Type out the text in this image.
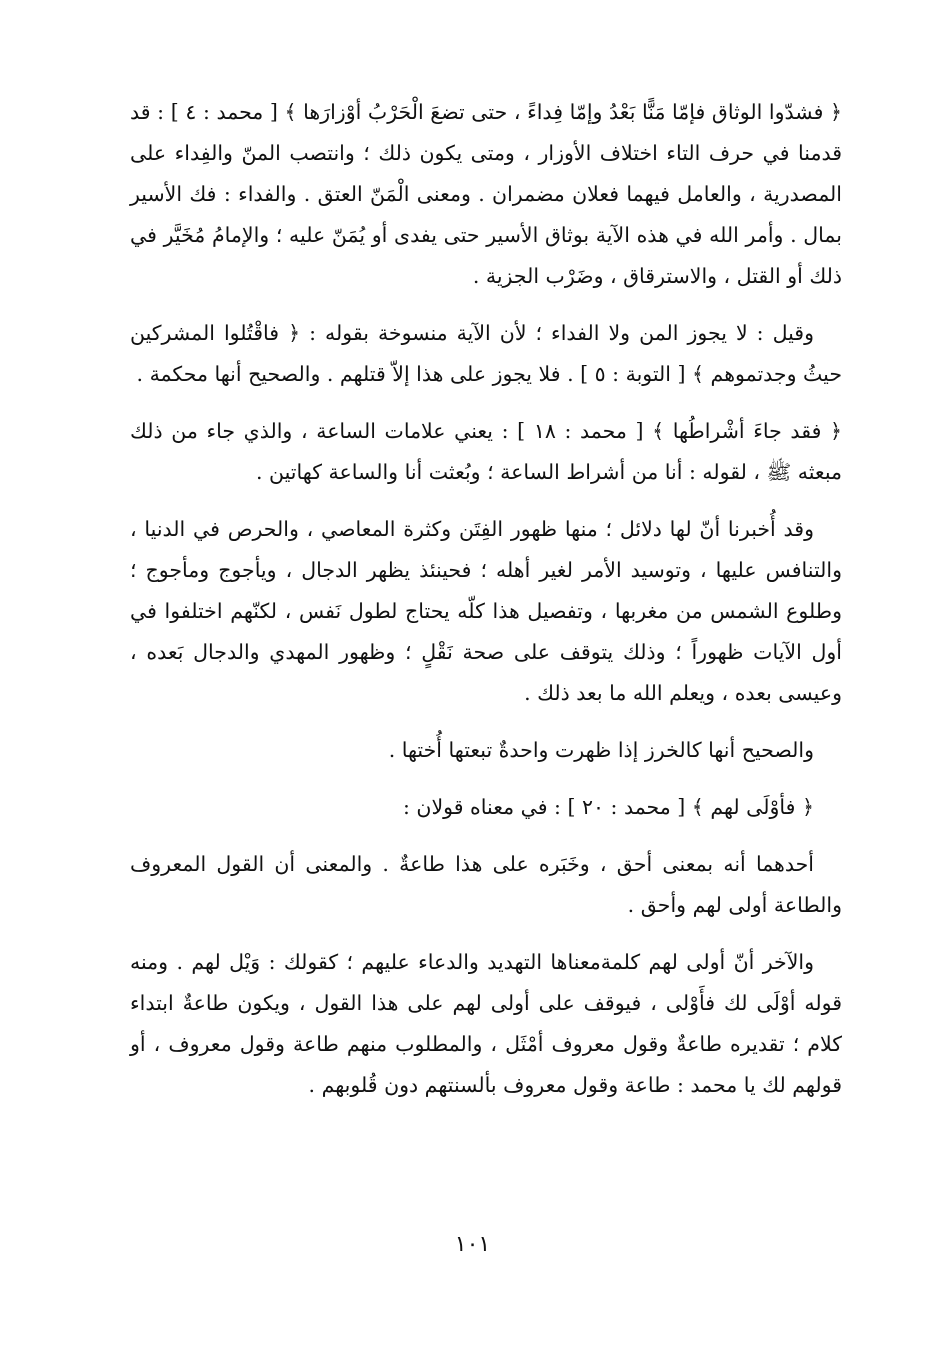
﴿ فشدّوا الوثاق فإمّا مَنًّا بَعْدُ وإمّا فِداءً ، حتى تضعَ الْحَرْبُ أوْزارَها ﴾ [ محمد : ٤ ] : قد قدمنا في حرف التاء اختلاف الأوزار ، ومتى يكون ذلك ؛ وانتصب المنّ والفِداء على المصدرية ، والعامل فيهما فعلان مضمران . ومعنى الْمَنّ العتق . والفداء : فك الأسير بمال . وأمر الله في هذه الآية بوثاق الأسير حتى يفدى أو يُمَنّ عليه ؛ والإمامُ مُخَيَّر في ذلك أو القتل ، والاسترقاق ، وضَرْب الجزية .

وقيل : لا يجوز المن ولا الفداء ؛ لأن الآية منسوخة بقوله : ﴿ فاقْتُلوا المشركين حيثُ وجدتموهم ﴾ [ التوبة : ٥ ] . فلا يجوز على هذا إلاّ قتلهم . والصحيح أنها محكمة .

﴿ فقد جاءَ أشْراطُها ﴾ [ محمد : ١٨ ] : يعني علامات الساعة ، والذي جاء من ذلك مبعثه ﷺ ، لقوله : أنا من أشراط الساعة ؛ وبُعثت أنا والساعة كهاتين .

وقد أُخبرنا أنّ لها دلائل ؛ منها ظهور الفِتَن وكثرة المعاصي ، والحرص في الدنيا ، والتنافس عليها ، وتوسيد الأمر لغير أهله ؛ فحينئذ يظهر الدجال ، ويأجوج ومأجوج ؛ وطلوع الشمس من مغربها ، وتفصيل هذا كلّه يحتاج لطول نَفس ، لكنّهم اختلفوا في أول الآيات ظهوراً ؛ وذلك يتوقف على صحة نَقْلٍ ؛ وظهور المهدي والدجال بَعده ، وعيسى بعده ، ويعلم الله ما بعد ذلك .

والصحيح أنها كالخرز إذا ظهرت واحدةٌ تبعتها أُختها .

﴿ فأوْلَى لهم ﴾ [ محمد : ٢٠ ] : في معناه قولان :

أحدهما أنه بمعنى أحق ، وخَبَره على هذا طاعةٌ . والمعنى أن القول المعروف والطاعة أولى لهم وأحق .

والآخر أنّ أولى لهم كلمةمعناها التهديد والدعاء عليهم ؛ كقولك : وَيْل لهم . ومنه قوله أوْلَى لك فأَوْلى ، فيوقف على أولى لهم على هذا القول ، ويكون طاعةٌ ابتداء كلام ؛ تقديره طاعةٌ وقول معروف أمْثَل ، والمطلوب منهم طاعة وقول معروف ، أو قولهم لك يا محمد : طاعة وقول معروف بألسنتهم دون قُلوبهم .

١٠١
